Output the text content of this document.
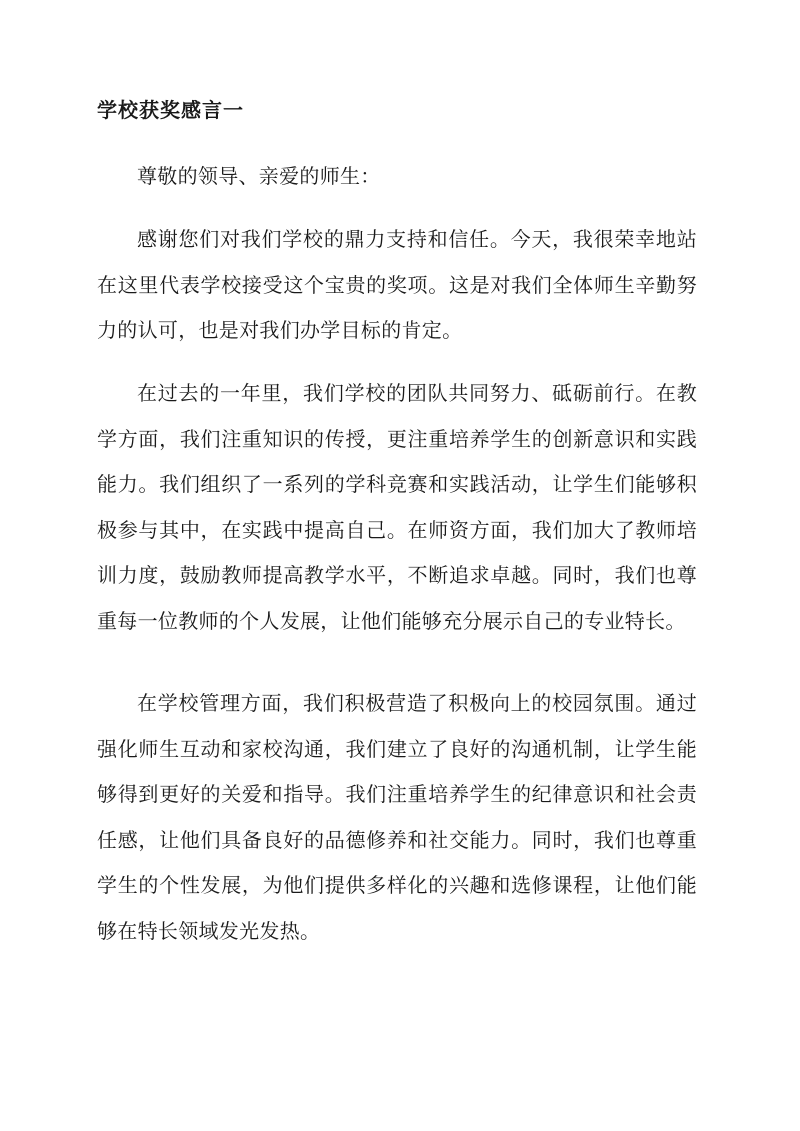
学校获奖感言一

尊敬的领导、亲爱的师生：

感谢您们对我们学校的鼎力支持和信任。今天，我很荣幸地站在这里代表学校接受这个宝贵的奖项。这是对我们全体师生辛勤努力的认可，也是对我们办学目标的肯定。

在过去的一年里，我们学校的团队共同努力、砥砺前行。在教学方面，我们注重知识的传授，更注重培养学生的创新意识和实践能力。我们组织了一系列的学科竞赛和实践活动，让学生们能够积极参与其中，在实践中提高自己。在师资方面，我们加大了教师培训力度，鼓励教师提高教学水平，不断追求卓越。同时，我们也尊重每一位教师的个人发展，让他们能够充分展示自己的专业特长。

在学校管理方面，我们积极营造了积极向上的校园氛围。通过强化师生互动和家校沟通，我们建立了良好的沟通机制，让学生能够得到更好的关爱和指导。我们注重培养学生的纪律意识和社会责任感，让他们具备良好的品德修养和社交能力。同时，我们也尊重学生的个性发展，为他们提供多样化的兴趣和选修课程，让他们能够在特长领域发光发热。
